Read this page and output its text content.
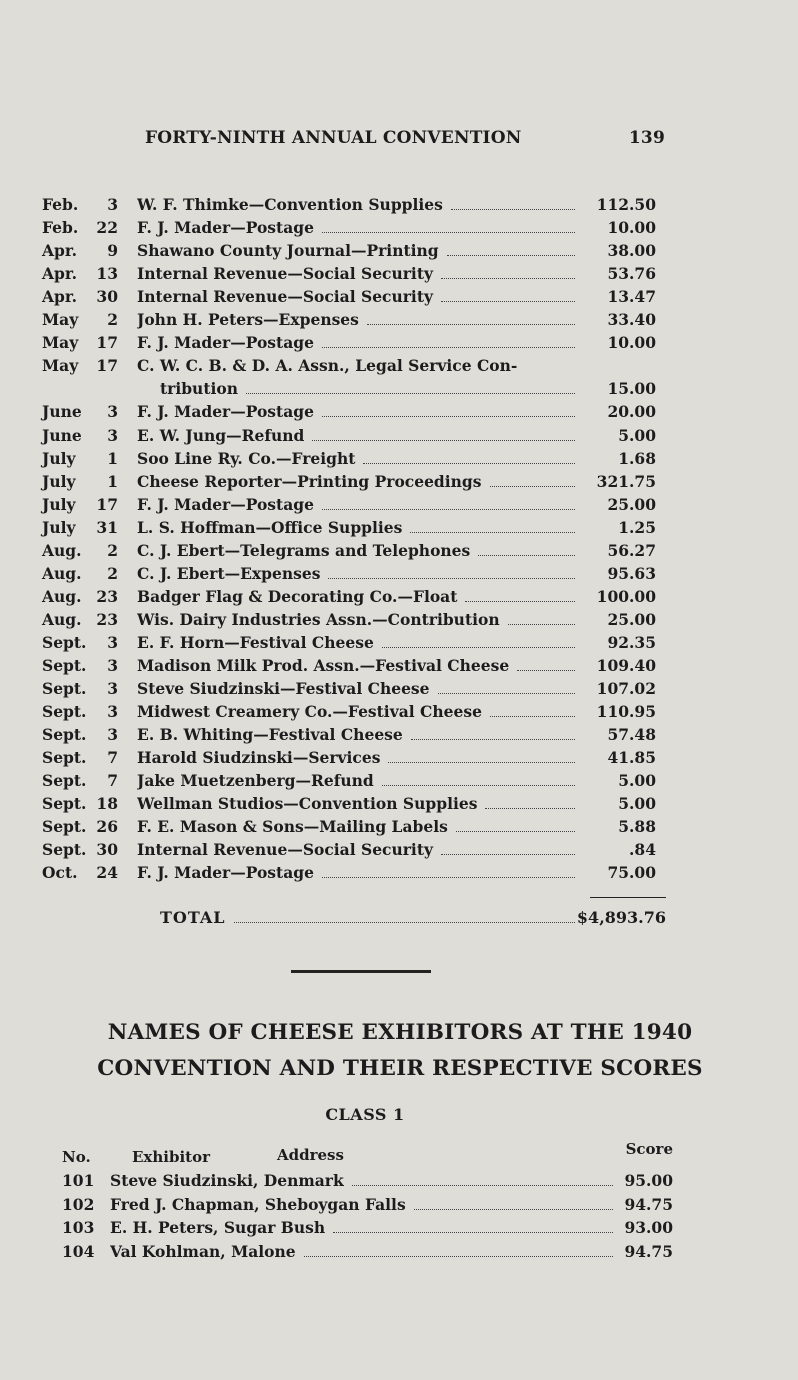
FORTY-NINTH ANNUAL CONVENTION	139
Feb.	3 W. F. Thimke—Convention Supplies	112.50
Feb.	22 F. J. Mader—Postage	10.00
Apr.	9 Shawano County Journal—Printing	38.00
Apr.	13 Internal Revenue—Social Security	53.76
Apr.	30 Internal Revenue—Social Security	13.47
May	2 John H. Peters—Expenses	33.40
May	17 F. J. Mader—Postage	10.00
May	17 C. W. C. B. & D. A. Assn., Legal Service Con-
tribution	15.00
June	3 F. J. Mader—Postage	20.00
June	3 E. W. Jung—Refund	5.00
July	1 Soo Line Ry. Co.—Freight	1.68
July	1 Cheese Reporter—Printing Proceedings	321.75
July	17 F. J. Mader—Postage	25.00
July	31 L. S. Hoffman—Office Supplies	1.25
Aug.	2 C. J. Ebert—Telegrams and Telephones	56.27
Aug.	2 C. J. Ebert—Expenses	95.63
Aug. 23 Badger Flag & Decorating Co.—Float	100.00
Aug. 23 Wis. Dairy Industries Assn.—Contribution	25.00
Sept.	3 E. F. Horn—Festival Cheese	92.35
Sept.	3 Madison Milk Prod. Assn.—Festival Cheese	109.40
Sept.	3 Steve Siudzinski—Festival Cheese	107.02
Sept.	3 Midwest Creamery Co.—Festival Cheese	110.95
Sept.	3 E. B. Whiting—Festival Cheese	57.48
Sept.	7 Harold Siudzinski—Services	41.85
Sept.	7 Jake Muetzenberg—Refund	5.00
Sept. 18 Wellman Studios—Convention Supplies	5.00
Sept. 26 F. E. Mason & Sons—Mailing Labels	5.88
Sept. 30 Internal Revenue—Social Security	.84
Oct.	24 F. J. Mader—Postage	75.00
TOTAL	$4,893.76
NAMES OF CHEESE EXHIBITORS AT THE 1940
CONVENTION AND THEIR RESPECTIVE SCORES
CLASS 1
No.	Exhibitor	Address	Score
101 Steve Siudzinski, Denmark	95.00
102 Fred J. Chapman, Sheboygan Falls	94.75
103 E. H. Peters, Sugar Bush	93.00
104 Val Kohlman, Malone	94.75
